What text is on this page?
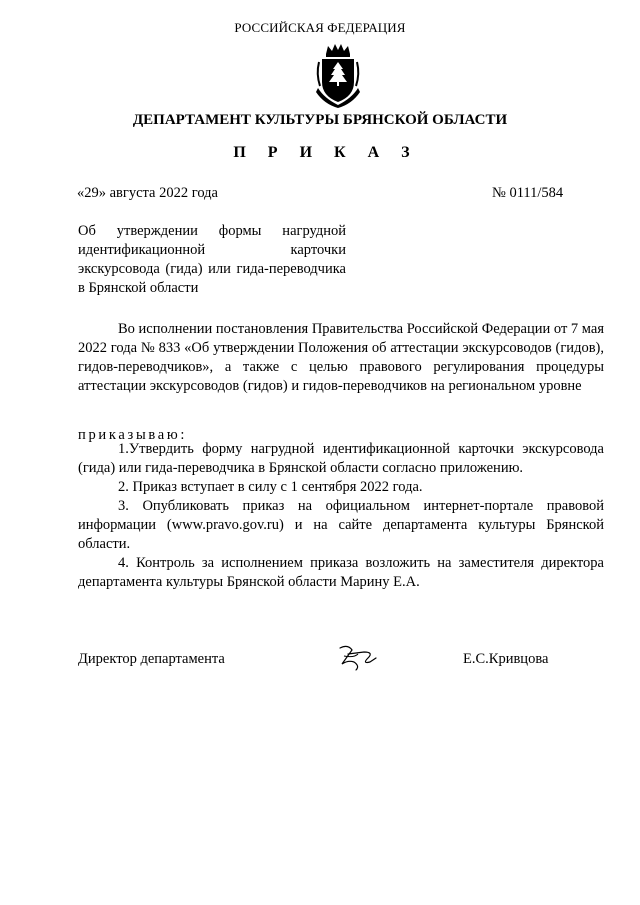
РОССИЙСКАЯ ФЕДЕРАЦИЯ
ДЕПАРТАМЕНТ КУЛЬТУРЫ БРЯНСКОЙ ОБЛАСТИ
П Р И К А З
«29» августа 2022 года	№ 0111/584
Об утверждении формы нагрудной идентификационной карточки экскурсовода (гида) или гида-переводчика в Брянской области
Во исполнении постановления Правительства Российской Федерации от 7 мая 2022 года № 833 «Об утверждении Положения об аттестации экскурсоводов (гидов), гидов-переводчиков», а также с целью правового регулирования процедуры аттестации экскурсоводов (гидов) и гидов-переводчиков на региональном уровне
приказываю:
1.Утвердить форму нагрудной идентификационной карточки экскурсовода (гида) или гида-переводчика в Брянской области согласно приложению.
2. Приказ вступает в силу с 1 сентября 2022 года.
3. Опубликовать приказ на официальном интернет-портале правовой информации (www.pravo.gov.ru) и на сайте департамента культуры Брянской области.
4. Контроль за исполнением приказа возложить на заместителя директора департамента культуры Брянской области Марину Е.А.
Директор департамента	Е.С.Кривцова
